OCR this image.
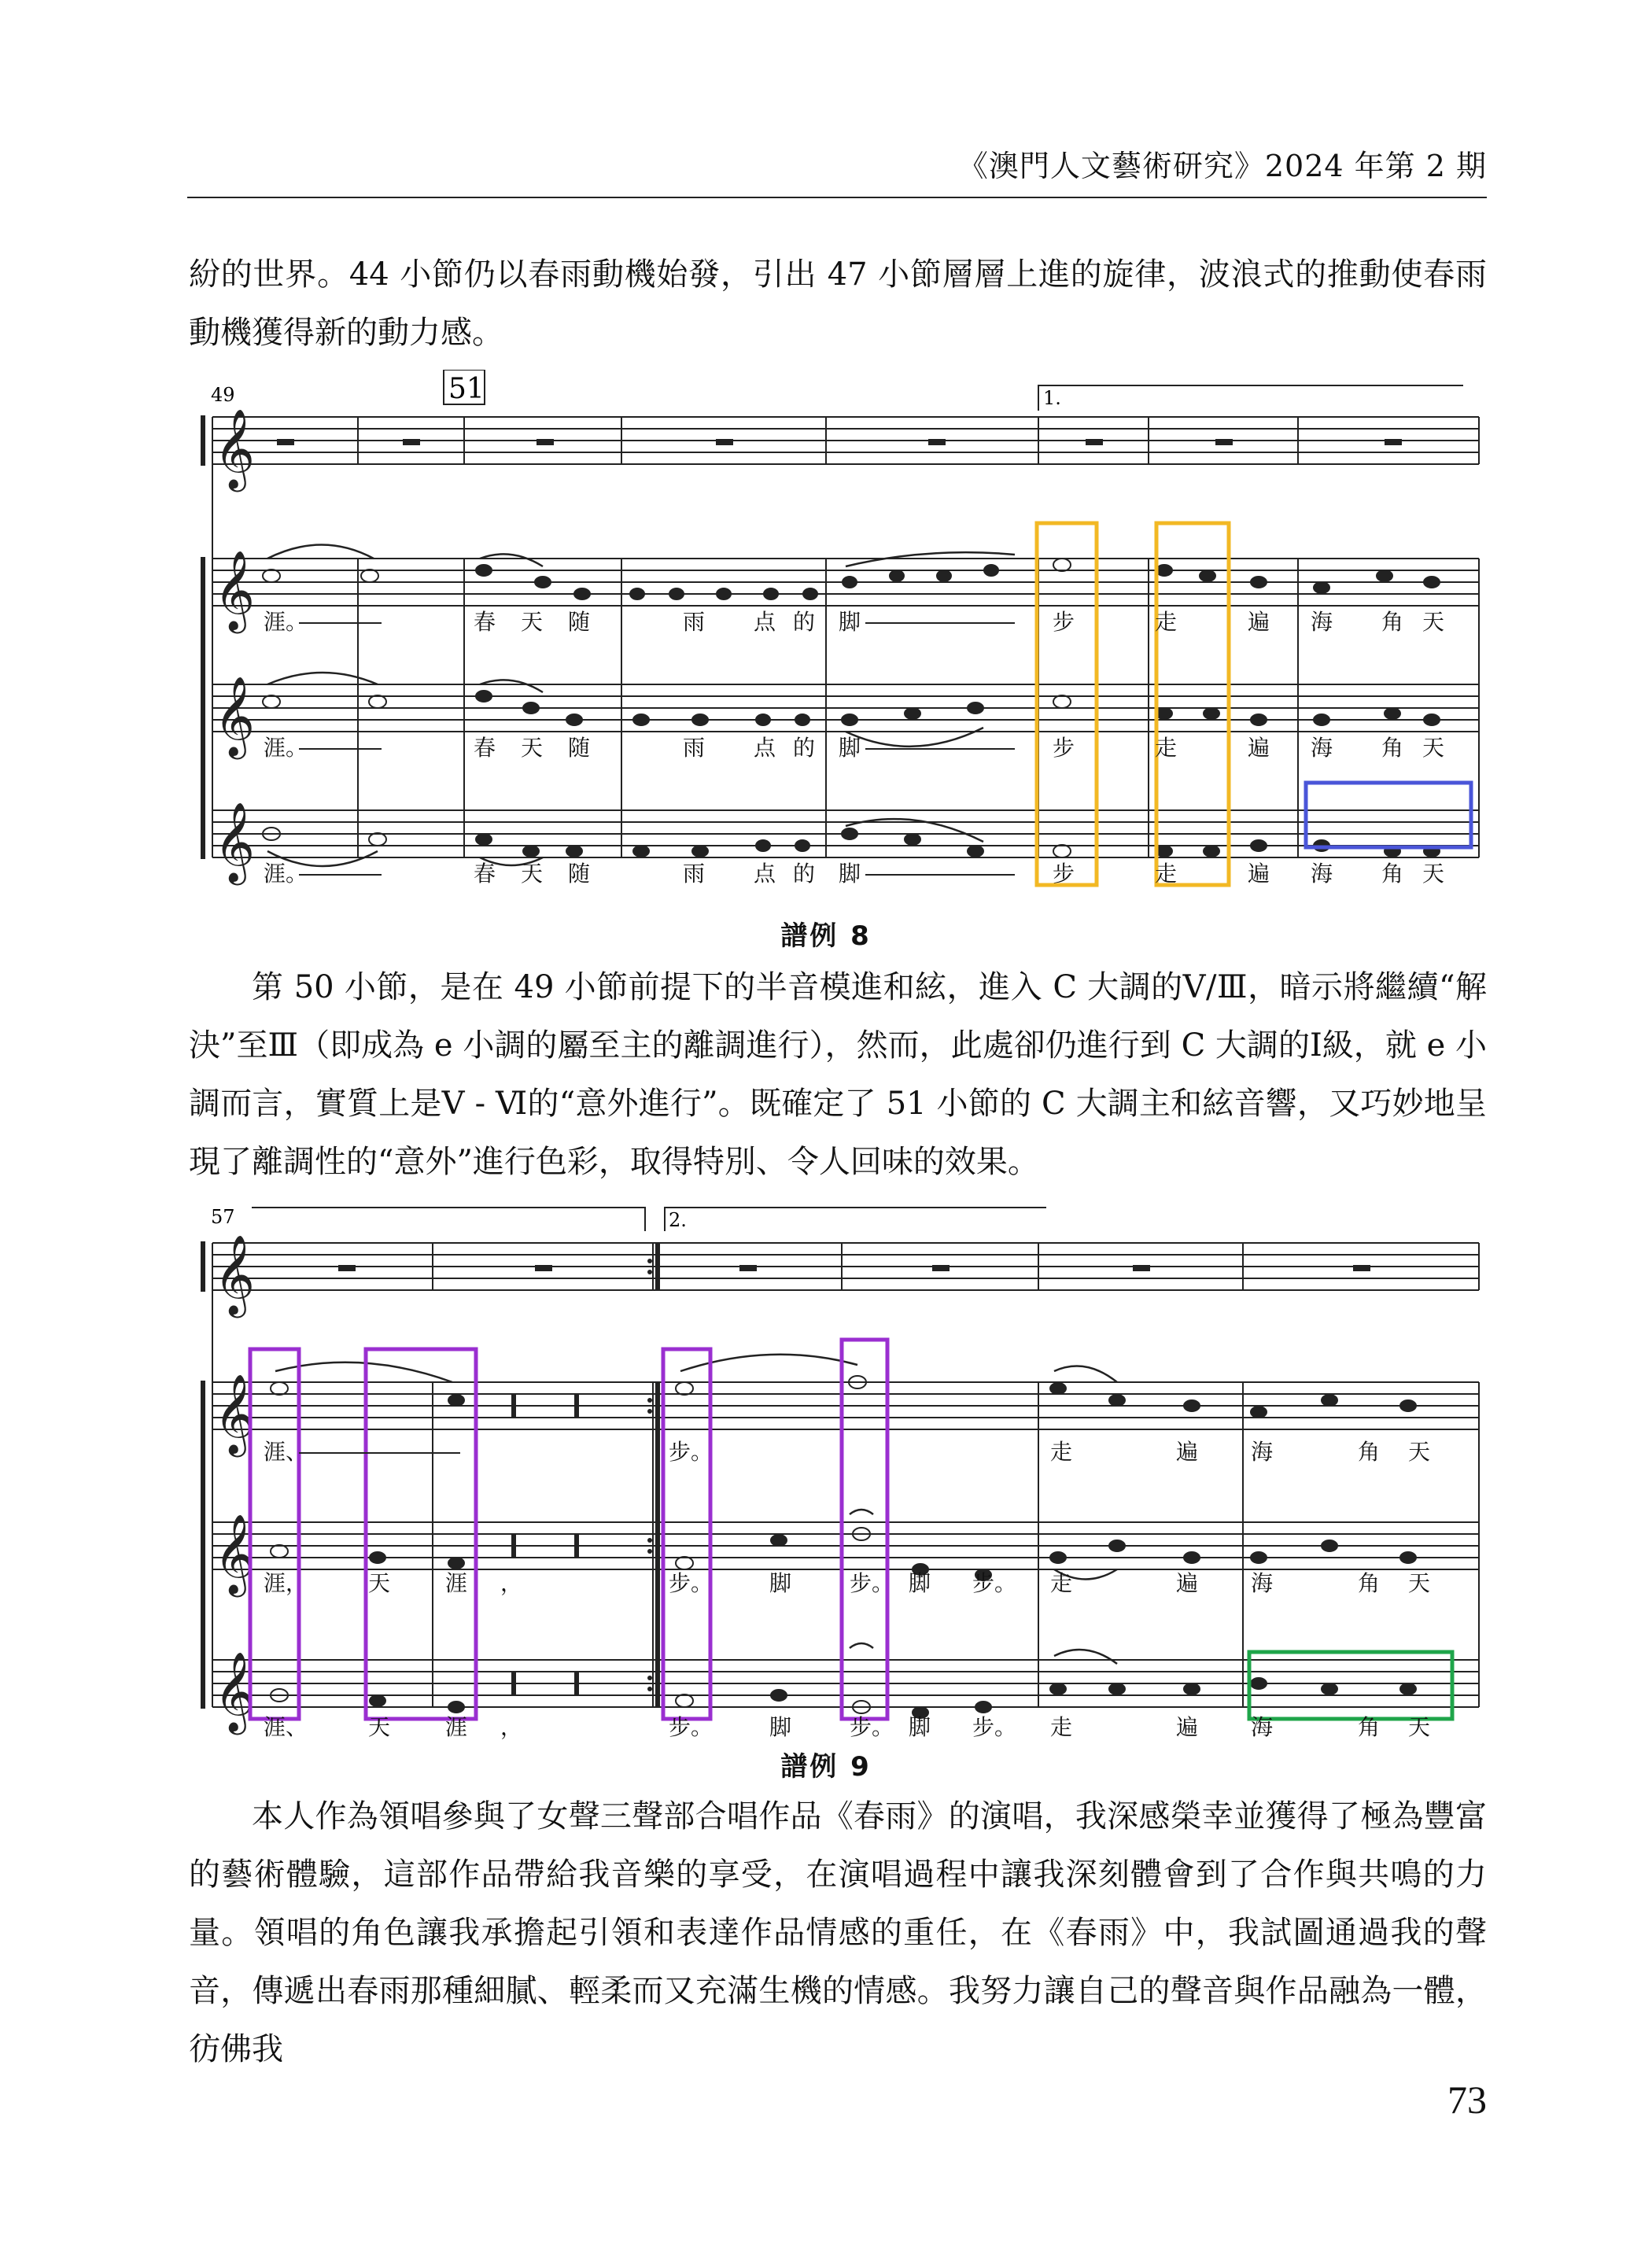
《澳門人文藝術研究》2024 年第 2 期

紛的世界。44 小節仍以春雨動機始發，引出 47 小節層層上進的旋律，波浪式的推動使春雨動機獲得新的動力感。

49	51	1.
𝄞
𝄞
𝄞
𝄞
涯。	春 天 随	雨 点 的 脚	步	走	遍 海 角 天
涯。	春 天 随	雨 点 的 脚	步	走	遍 海 角 天
涯。	春 天 随	雨 点 的 脚	步	走	遍 海 角 天
譜例 8

第 50 小節，是在 49 小節前提下的半音模進和絃，進入 C 大調的Ⅴ/Ⅲ，暗示將繼續“解決”至Ⅲ（即成為 e 小調的屬至主的離調進行），然而，此處卻仍進行到 C 大調的Ⅰ級，就 e 小調而言，實質上是Ⅴ - Ⅵ的“意外進行”。既確定了 51 小節的 C 大調主和絃音響，又巧妙地呈現了離調性的“意外”進行色彩，取得特別、令人回味的效果。

57	2.
𝄞
𝄞
𝄞
𝄞
涯、	步。	走	遍 海	角 天
涯，	天 涯 ，	步。	脚	步。 脚 步。 走	遍 海	角 天
涯、	天 涯 ，	步。	脚	步。 脚 步。 走	遍 海	角 天
譜例 9

本人作為領唱參與了女聲三聲部合唱作品《春雨》的演唱，我深感榮幸並獲得了極為豐富的藝術體驗，這部作品帶給我音樂的享受，在演唱過程中讓我深刻體會到了合作與共鳴的力量。領唱的角色讓我承擔起引領和表達作品情感的重任，在《春雨》中，我試圖通過我的聲音，傳遞出春雨那種細膩、輕柔而又充滿生機的情感。我努力讓自己的聲音與作品融為一體，彷佛我

73
